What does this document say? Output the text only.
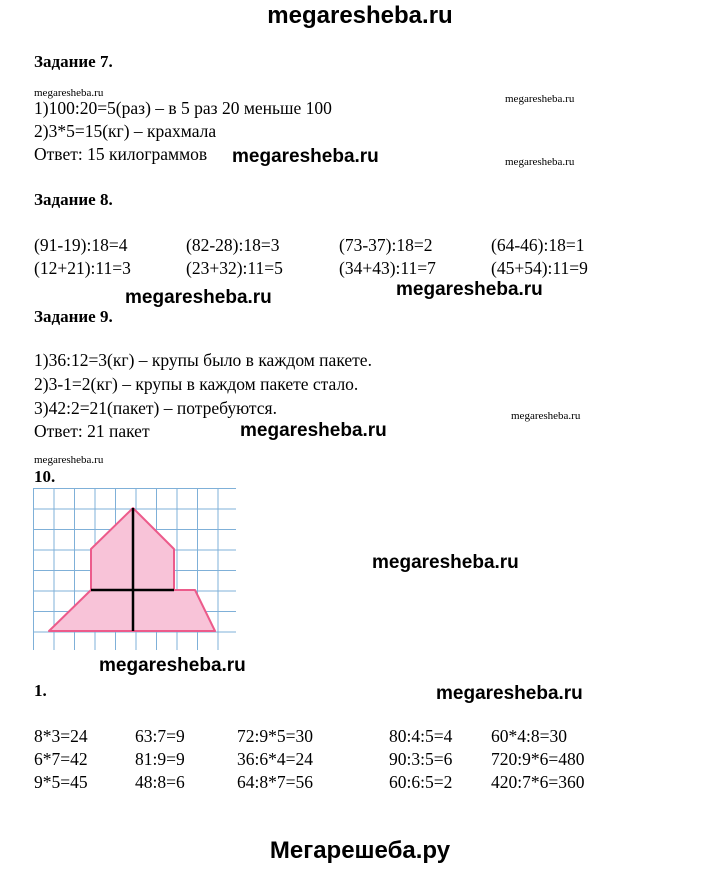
megaresheba.ru
Задание 7.
megaresheba.ru	megaresheba.ru
1)100:20=5(раз) – в 5 раз 20 меньше 100
2)3*5=15(кг) – крахмала
Ответ: 15 килограммов megaresheba.ru	megaresheba.ru
Задание 8.
(91-19):18=4	(82-28):18=3	(73-37):18=2	(64-46):18=1
(12+21):11=3	(23+32):11=5	(34+43):11=7	(45+54):11=9
megaresheba.ru
megaresheba.ru
Задание 9.
1)36:12=3(кг) – крупы было в каждом пакете.
2)3-1=2(кг) – крупы в каждом пакете стало.
3)42:2=21(пакет) – потребуются.	megaresheba.ru
Ответ: 21 пакет	megaresheba.ru
megaresheba.ru
10.
megaresheba.ru
megaresheba.ru
1.	megaresheba.ru
8*3=24	63:7=9	72:9*5=30	80:4:5=4 60*4:8=30
6*7=42	81:9=9	36:6*4=24	90:3:5=6 720:9*6=480
9*5=45	48:8=6	64:8*7=56	60:6:5=2 420:7*6=360
Мегарешеба.ру
